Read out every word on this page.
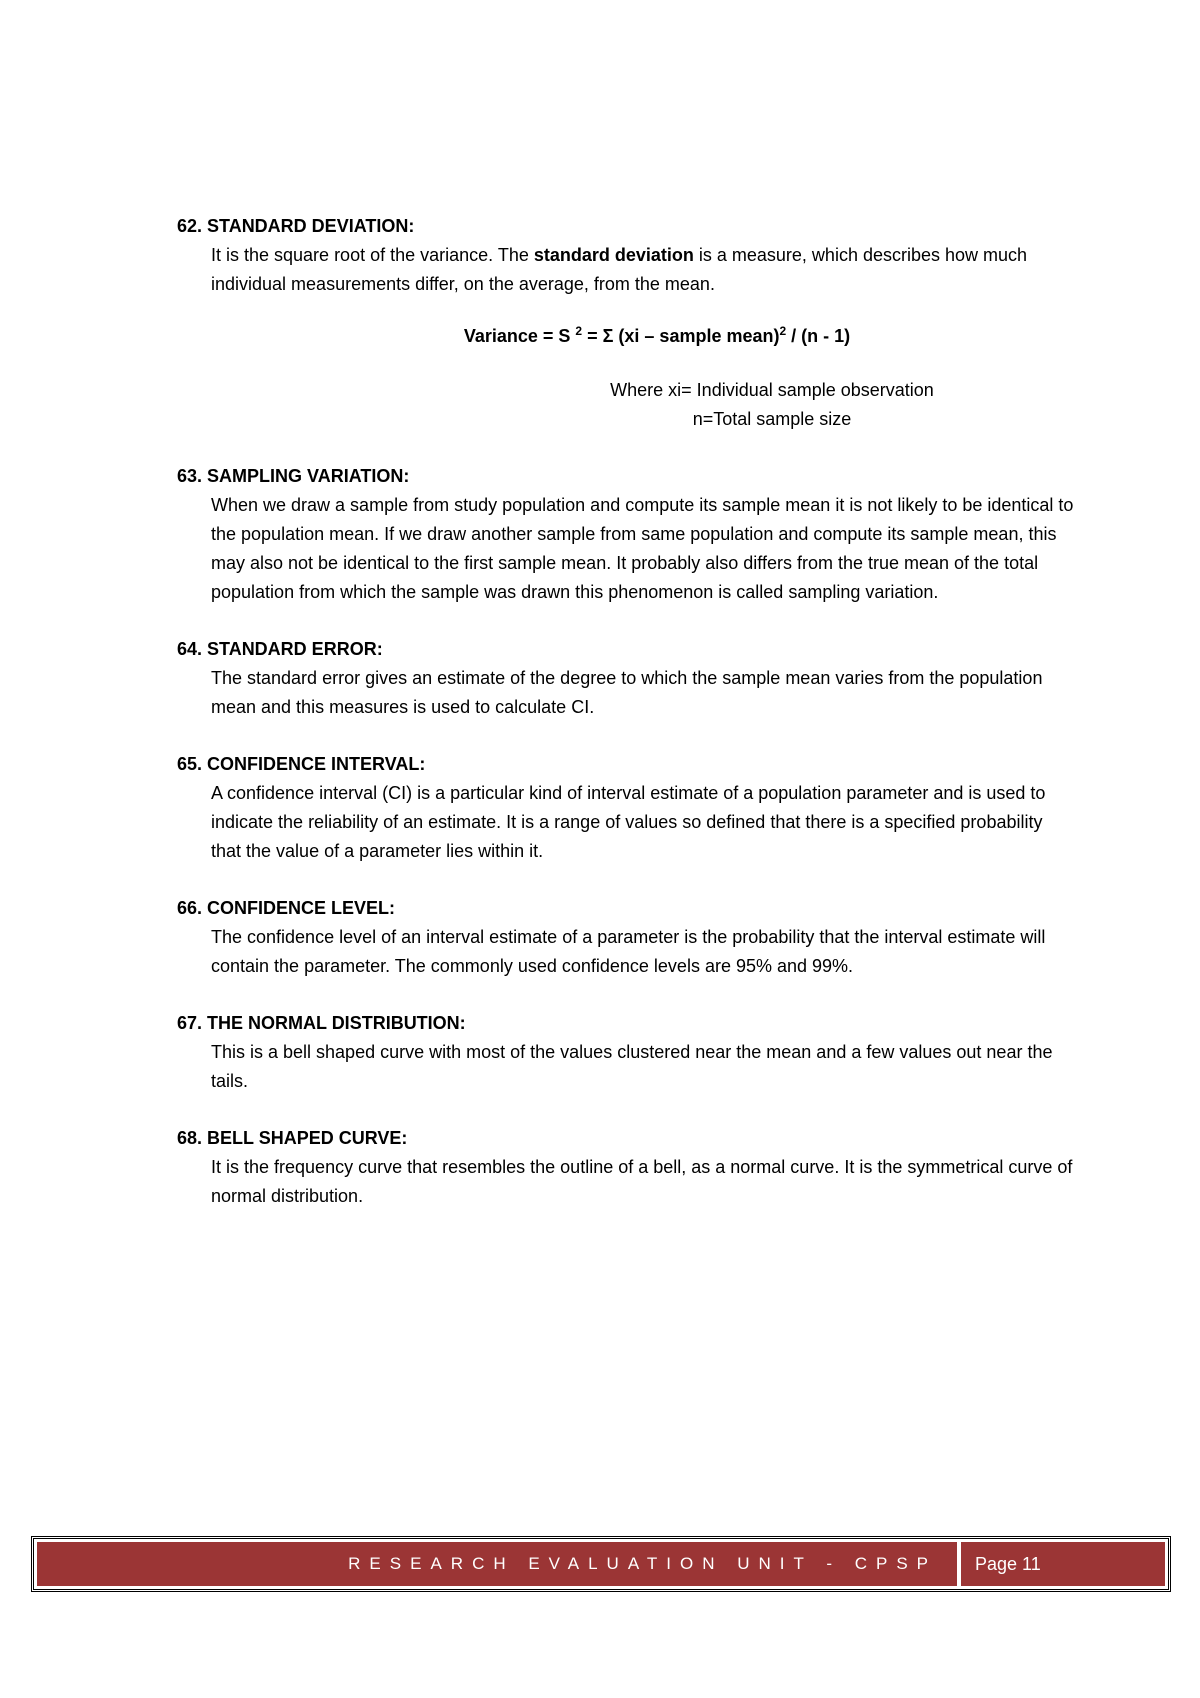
62. STANDARD DEVIATION:
It is the square root of the variance. The standard deviation is a measure, which describes how much individual measurements differ, on the average, from the mean.
Variance = S $^2$ = Σ (xi – sample mean)$^2$ / (n - 1)
Where xi= Individual sample observation
n=Total sample size
63. SAMPLING VARIATION:
When we draw a sample from study population and compute its sample mean it is not likely to be identical to the population mean. If we draw another sample from same population and compute its sample mean, this may also not be identical to the first sample mean. It probably also differs from the true mean of the total population from which the sample was drawn this phenomenon is called sampling variation.
64. STANDARD ERROR:
The standard error gives an estimate of the degree to which the sample mean varies from the population mean and this measures is used to calculate CI.
65. CONFIDENCE INTERVAL:
A confidence interval (CI) is a particular kind of interval estimate of a population parameter and is used to indicate the reliability of an estimate. It is a range of values so defined that there is a specified probability that the value of a parameter lies within it.
66. CONFIDENCE LEVEL:
The confidence level of an interval estimate of a parameter is the probability that the interval estimate will contain the parameter. The commonly used confidence levels are 95% and 99%.
67. THE NORMAL DISTRIBUTION:
This is a bell shaped curve with most of the values clustered near the mean and a few values out near the tails.
68. BELL SHAPED CURVE:
It is the frequency curve that resembles the outline of a bell, as a normal curve. It is the symmetrical curve of normal distribution.
RESEARCH EVALUATION UNIT - CPSP	Page 11
